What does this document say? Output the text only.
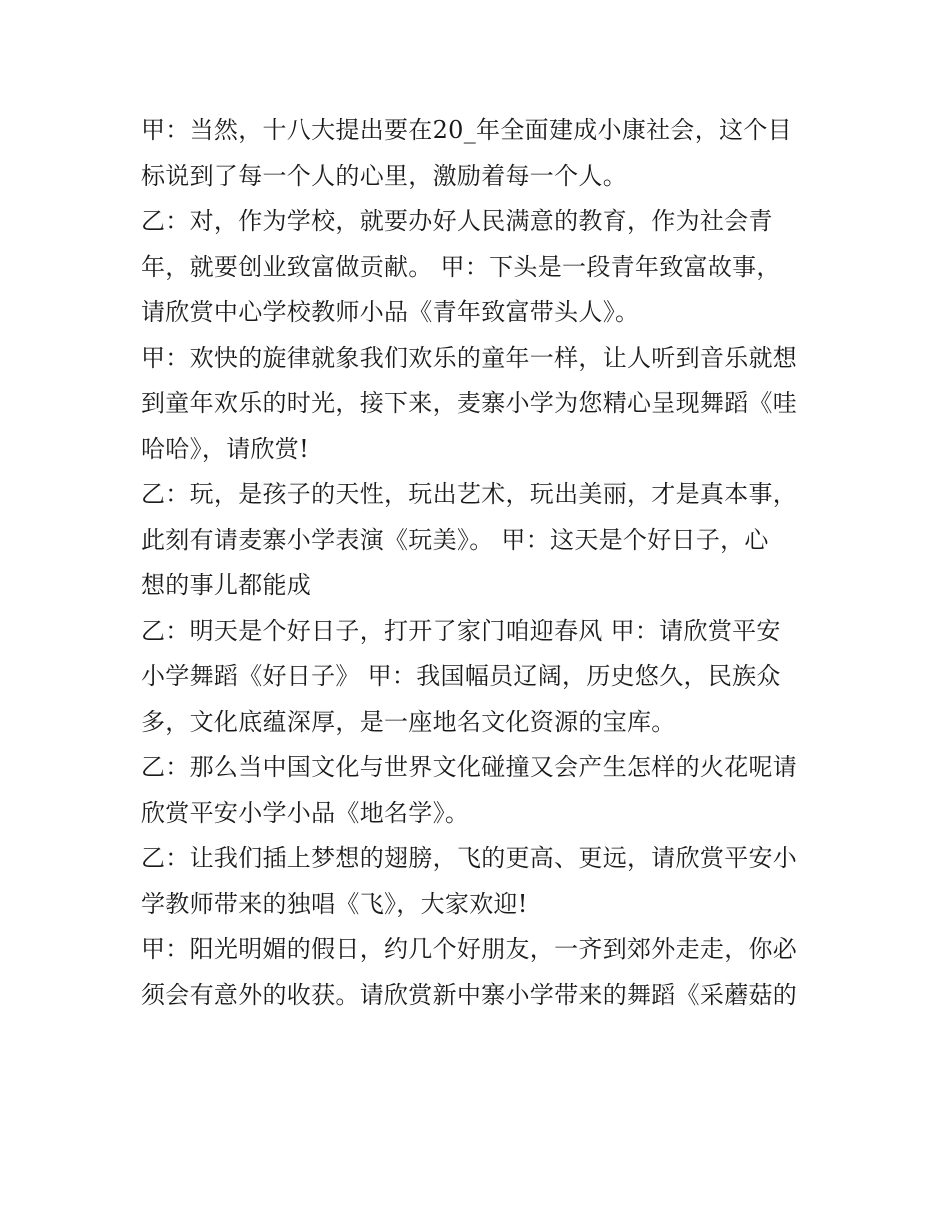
甲：当然，十八大提出要在20_年全面建成小康社会，这个目

标说到了每一个人的心里，激励着每一个人。

乙：对，作为学校，就要办好人民满意的教育，作为社会青

年，就要创业致富做贡献。 甲：下头是一段青年致富故事，

请欣赏中心学校教师小品《青年致富带头人》。

甲：欢快的旋律就象我们欢乐的童年一样，让人听到音乐就想

到童年欢乐的时光，接下来，麦寨小学为您精心呈现舞蹈《哇

哈哈》，请欣赏!

乙：玩，是孩子的天性，玩出艺术，玩出美丽，才是真本事，

此刻有请麦寨小学表演《玩美》。 甲：这天是个好日子，心

想的事儿都能成

乙：明天是个好日子，打开了家门咱迎春风 甲：请欣赏平安

小学舞蹈《好日子》 甲：我国幅员辽阔，历史悠久，民族众

多，文化底蕴深厚，是一座地名文化资源的宝库。

乙：那么当中国文化与世界文化碰撞又会产生怎样的火花呢请

欣赏平安小学小品《地名学》。

乙：让我们插上梦想的翅膀，飞的更高、更远，请欣赏平安小

学教师带来的独唱《飞》，大家欢迎!

甲：阳光明媚的假日，约几个好朋友，一齐到郊外走走，你必

须会有意外的收获。请欣赏新中寨小学带来的舞蹈《采蘑菇的
